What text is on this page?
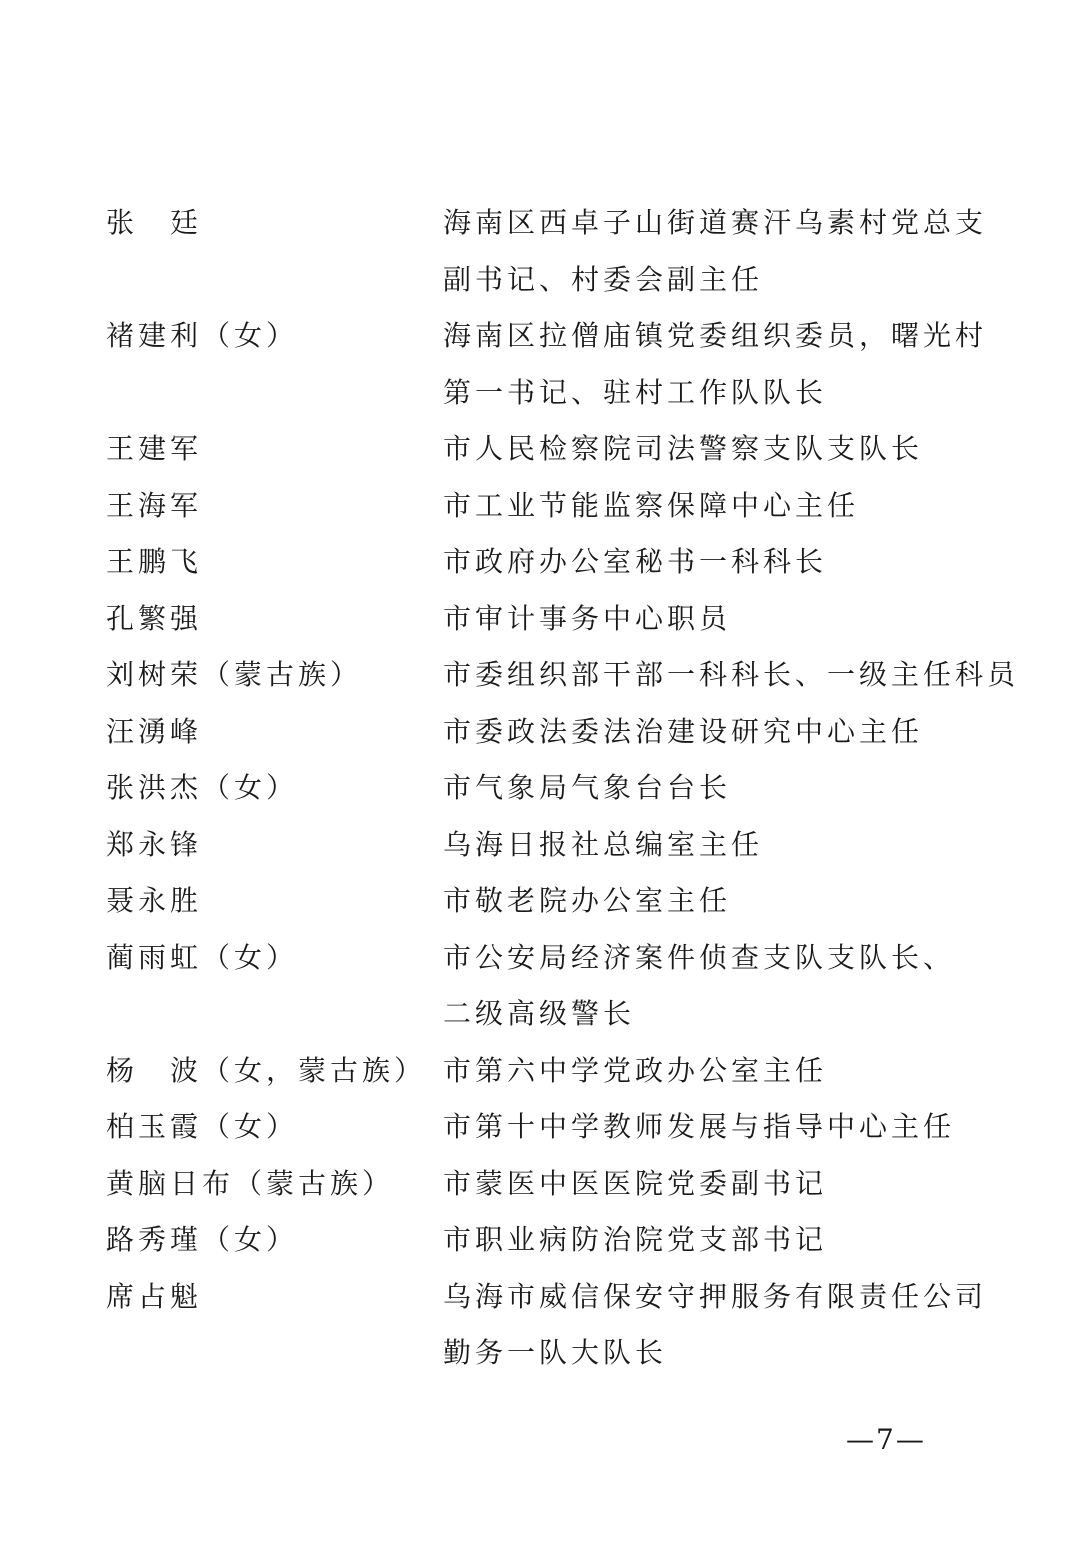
张　廷	海南区西卓子山街道赛汗乌素村党总支
副书记、村委会副主任
褚建利（女）	海南区拉僧庙镇党委组织委员，曙光村
第一书记、驻村工作队队长
王建军	市人民检察院司法警察支队支队长
王海军	市工业节能监察保障中心主任
王鹏飞	市政府办公室秘书一科科长
孔繁强	市审计事务中心职员
刘树荣（蒙古族）	市委组织部干部一科科长、一级主任科员
汪湧峰	市委政法委法治建设研究中心主任
张洪杰（女）	市气象局气象台台长
郑永锋	乌海日报社总编室主任
聂永胜	市敬老院办公室主任
蔺雨虹（女）	市公安局经济案件侦查支队支队长、
二级高级警长
杨　波（女，蒙古族） 市第六中学党政办公室主任
柏玉霞（女）	市第十中学教师发展与指导中心主任
黄脑日布（蒙古族）	市蒙医中医医院党委副书记
路秀瑾（女）	市职业病防治院党支部书记
席占魁	乌海市威信保安守押服务有限责任公司
勤务一队大队长
—7—
